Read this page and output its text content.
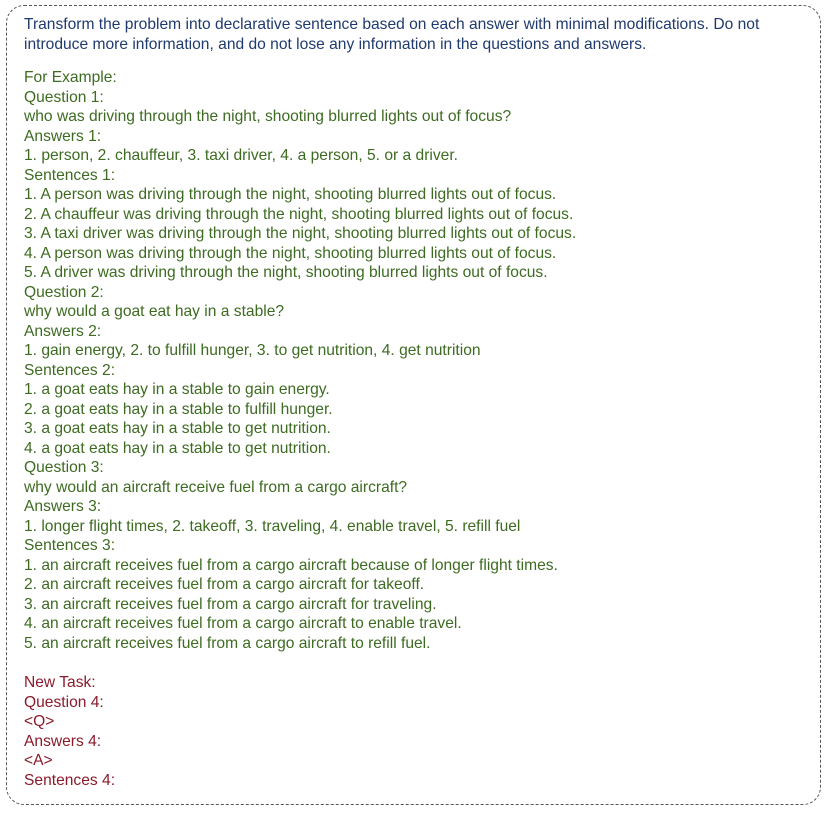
Transform the problem into declarative sentence based on each answer with minimal modifications. Do not
introduce more information, and do not lose any information in the questions and answers.
For Example:
Question 1:
who was driving through the night, shooting blurred lights out of focus?
Answers 1:
1. person, 2. chauffeur, 3. taxi driver, 4. a person, 5. or a driver.
Sentences 1:
1. A person was driving through the night, shooting blurred lights out of focus.
2. A chauffeur was driving through the night, shooting blurred lights out of focus.
3. A taxi driver was driving through the night, shooting blurred lights out of focus.
4. A person was driving through the night, shooting blurred lights out of focus.
5. A driver was driving through the night, shooting blurred lights out of focus.
Question 2:
why would a goat eat hay in a stable?
Answers 2:
1. gain energy, 2. to fulfill hunger, 3. to get nutrition, 4. get nutrition
Sentences 2:
1. a goat eats hay in a stable to gain energy.
2. a goat eats hay in a stable to fulfill hunger.
3. a goat eats hay in a stable to get nutrition.
4. a goat eats hay in a stable to get nutrition.
Question 3:
why would an aircraft receive fuel from a cargo aircraft?
Answers 3:
1. longer flight times, 2. takeoff, 3. traveling, 4. enable travel, 5. refill fuel
Sentences 3:
1. an aircraft receives fuel from a cargo aircraft because of longer flight times.
2. an aircraft receives fuel from a cargo aircraft for takeoff.
3. an aircraft receives fuel from a cargo aircraft for traveling.
4. an aircraft receives fuel from a cargo aircraft to enable travel.
5. an aircraft receives fuel from a cargo aircraft to refill fuel.
New Task:
Question 4:
<Q>
Answers 4:
<A>
Sentences 4:
